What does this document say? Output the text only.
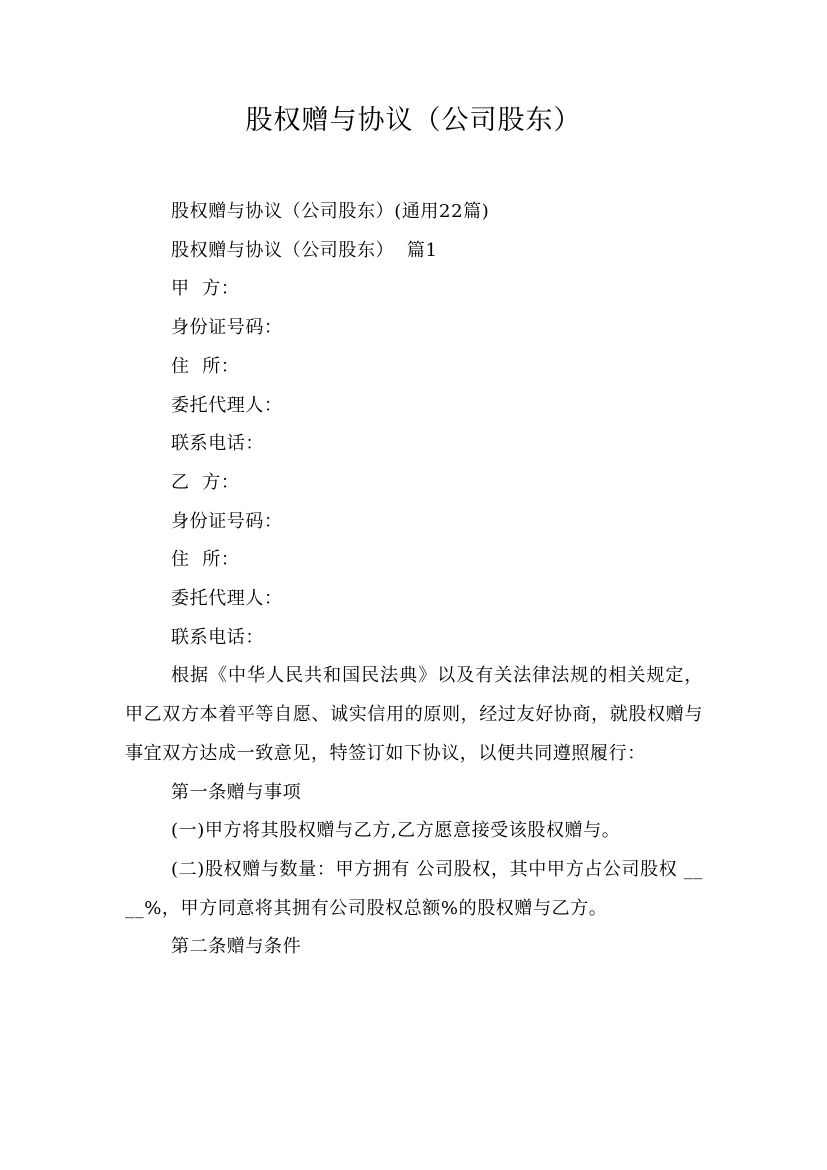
股权赠与协议（公司股东）
股权赠与协议（公司股东）(通用22篇)
股权赠与协议（公司股东）  篇1
甲  方：
身份证号码：
住  所：
委托代理人：
联系电话：
乙  方：
身份证号码：
住  所：
委托代理人：
联系电话：

根据《中华人民共和国民法典》以及有关法律法规的相关规定，甲乙双方本着平等自愿、诚实信用的原则，经过友好协商，就股权赠与事宜双方达成一致意见，特签订如下协议，以便共同遵照履行：

第一条赠与事项

(一)甲方将其股权赠与乙方,乙方愿意接受该股权赠与。

(二)股权赠与数量：甲方拥有 公司股权，其中甲方占公司股权 ____%，甲方同意将其拥有公司股权总额%的股权赠与乙方。

第二条赠与条件
